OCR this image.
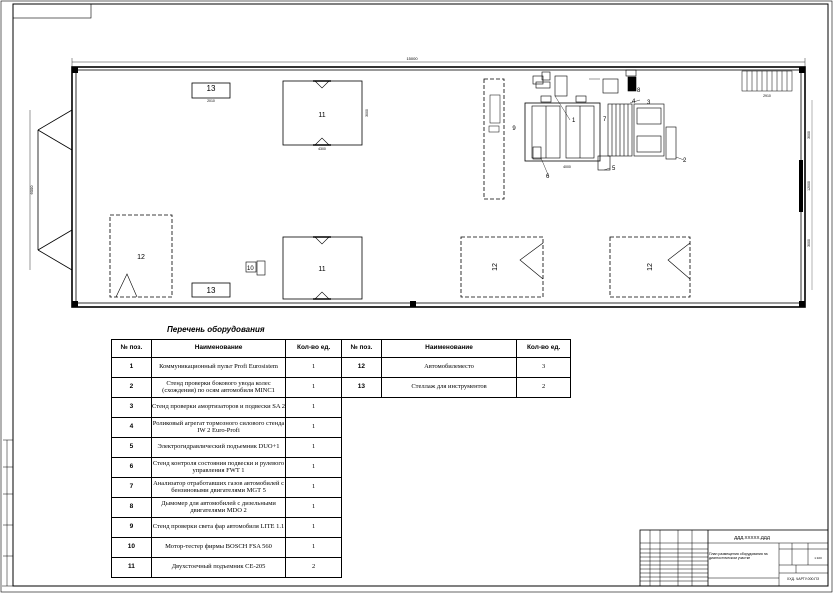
15000
6000
2910
3000
12000
3000
13
2010
11
4300
3000
9
4000
1	7
8
4 3
2
5
6
12
13
10	11	12	12
ДДД.ХХХХХ.ДДД
1:100
ХХД. ЧАРТУ.000.ПЗ
План размещения оборудования на диагностическом участке
Перечень оборудования
№ поз.	Наименование	Кол-во ед.
1	Коммуникационный пульт Profi Eurosistem	1
2	Стенд проверки бокового увода колес (схождения) по осям автомобиля MINC1	1
3	Стенд проверки амортизаторов и подвески SA 2	1
4	Роликовый агрегат тормозного силового стенда IW 2 Euro-Profi	1
5	Электрогидравлический подъемник DUO+1	1
6	Стенд контроля состояния подвески и рулевого управления FWT 1	1
7	Анализатор отработавших газов автомобилей с бензиновыми двигателями MGT 5	1
8	Дымомер для автомобилей с дизельными двигателями MDO 2	1
9	Стенд проверки света фар автомобиля LITE 1.1	1
10	Мотор-тестер фирмы BOSCH FSA 560	1
11	Двухстоечный подъемник CE-205	2
№ поз.	Наименование	Кол-во ед.
12	Автомобилеместо	3
13	Стеллаж для инструментов	2
